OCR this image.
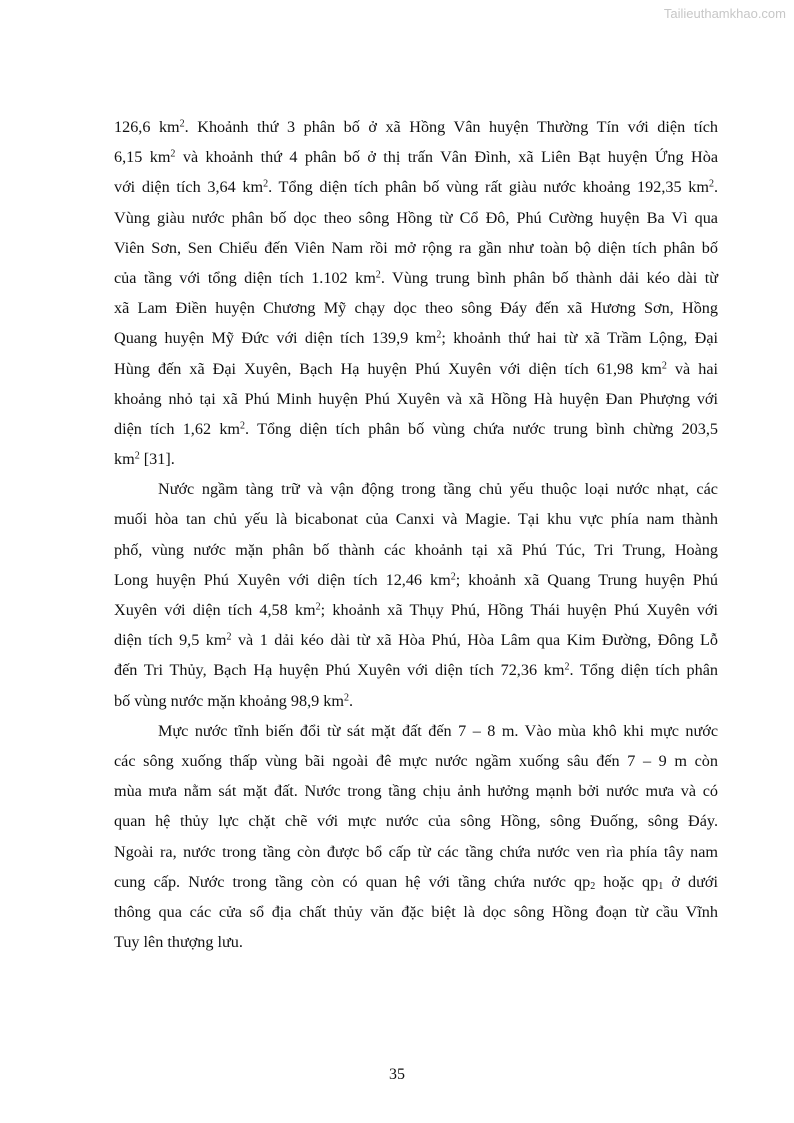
Tailieuthamkhao.com
126,6 $km^2$. Khoảnh thứ 3 phân bố ở xã Hồng Vân huyện Thường Tín với diện tích
6,15 $km^2$ và khoảnh thứ 4 phân bố ở thị trấn Vân Đình, xã Liên Bạt huyện Ứng Hòa
với diện tích 3,64 $km^2$. Tổng diện tích phân bố vùng rất giàu nước khoảng 192,35 $km^2$.
Vùng giàu nước phân bố dọc theo sông Hồng từ Cổ Đô, Phú Cường huyện Ba Vì qua
Viên Sơn, Sen Chiểu đến Viên Nam rồi mở rộng ra gần như toàn bộ diện tích phân bố
của tầng với tổng diện tích 1.102 $km^2$. Vùng trung bình phân bố thành dải kéo dài từ
xã Lam Điền huyện Chương Mỹ chạy dọc theo sông Đáy đến xã Hương Sơn, Hồng
Quang huyện Mỹ Đức với diện tích 139,9 $km^2$; khoảnh thứ hai từ xã Trầm Lộng, Đại
Hùng đến xã Đại Xuyên, Bạch Hạ huyện Phú Xuyên với diện tích 61,98 $km^2$ và hai
khoảng nhỏ tại xã Phú Minh huyện Phú Xuyên và xã Hồng Hà huyện Đan Phượng với
diện tích 1,62 $km^2$. Tổng diện tích phân bố vùng chứa nước trung bình chừng 203,5
$km^2$ [31].
Nước ngầm tàng trữ và vận động trong tầng chủ yếu thuộc loại nước nhạt, các
muối hòa tan chủ yếu là bicabonat của Canxi và Magie. Tại khu vực phía nam thành
phố, vùng nước mặn phân bố thành các khoảnh tại xã Phú Túc, Tri Trung, Hoàng
Long huyện Phú Xuyên với diện tích 12,46 $km^2$; khoảnh xã Quang Trung huyện Phú
Xuyên với diện tích 4,58 $km^2$; khoảnh xã Thụy Phú, Hồng Thái huyện Phú Xuyên với
diện tích 9,5 $km^2$ và 1 dải kéo dài từ xã Hòa Phú, Hòa Lâm qua Kim Đường, Đông Lỗ
đến Tri Thủy, Bạch Hạ huyện Phú Xuyên với diện tích 72,36 $km^2$. Tổng diện tích phân
bố vùng nước mặn khoảng 98,9 $km^2$.
Mực nước tĩnh biến đổi từ sát mặt đất đến 7 – 8 m. Vào mùa khô khi mực nước
các sông xuống thấp vùng bãi ngoài đê mực nước ngầm xuống sâu đến 7 – 9 m còn
mùa mưa nằm sát mặt đất. Nước trong tầng chịu ảnh hưởng mạnh bởi nước mưa và có
quan hệ thủy lực chặt chẽ với mực nước của sông Hồng, sông Đuống, sông Đáy.
Ngoài ra, nước trong tầng còn được bổ cấp từ các tầng chứa nước ven rìa phía tây nam
cung cấp. Nước trong tầng còn có quan hệ với tầng chứa nước $qp_2$ hoặc $qp_1$ ở dưới
thông qua các cửa sổ địa chất thủy văn đặc biệt là dọc sông Hồng đoạn từ cầu Vĩnh
Tuy lên thượng lưu.
35
